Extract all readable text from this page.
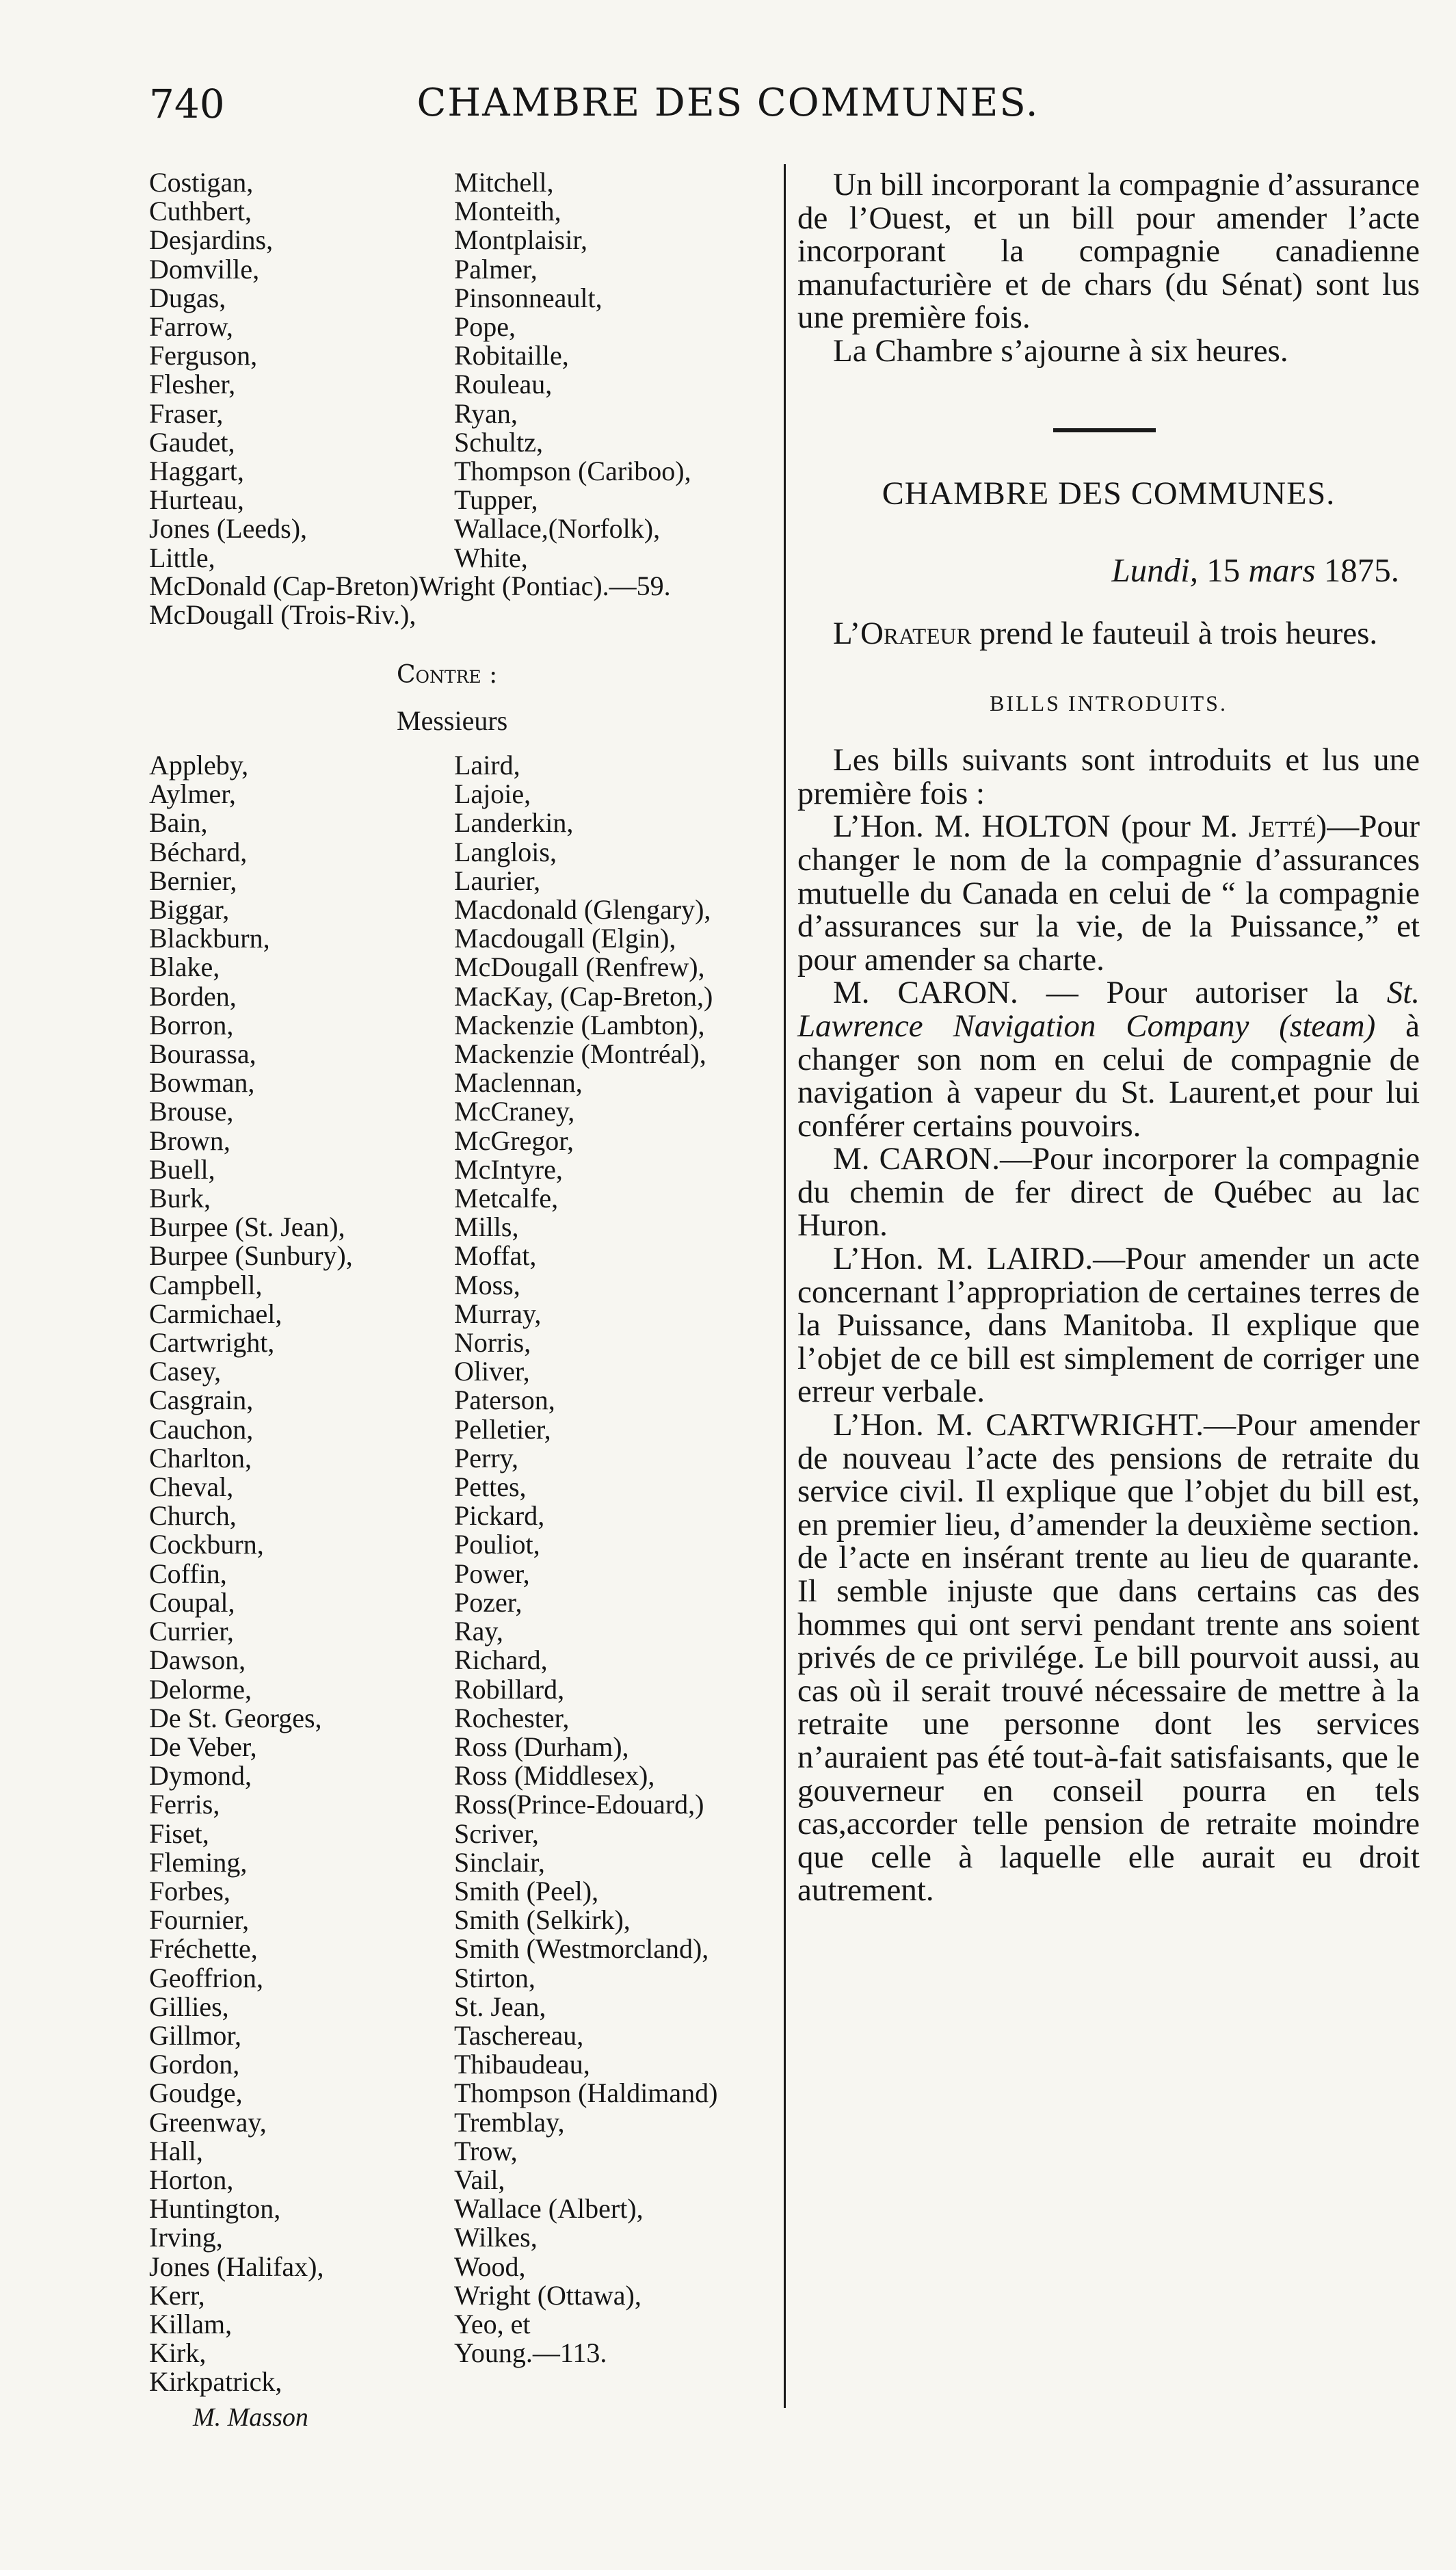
740	CHAMBRE DES COMMUNES.
Costigan,
Cuthbert,
Desjardins,
Domville,
Dugas,
Farrow,
Ferguson,
Flesher,
Fraser,
Gaudet,
Haggart,
Hurteau,
Jones (Leeds),
Little,
Mitchell,
Monteith,
Montplaisir,
Palmer,
Pinsonneault,
Pope,
Robitaille,
Rouleau,
Ryan,
Schultz,
Thompson (Cariboo),
Tupper,
Wallace,(Norfolk),
White,
McDonald (Cap-Breton)Wright (Pontiac).—59.
McDougall (Trois-Riv.),
Contre :
Messieurs
Appleby,
Aylmer,
Bain,
Béchard,
Bernier,
Biggar,
Blackburn,
Blake,
Borden,
Borron,
Bourassa,
Bowman,
Brouse,
Brown,
Buell,
Burk,
Burpee (St. Jean),
Burpee (Sunbury),
Campbell,
Carmichael,
Cartwright,
Casey,
Casgrain,
Cauchon,
Charlton,
Cheval,
Church,
Cockburn,
Coffin,
Coupal,
Currier,
Dawson,
Delorme,
De St. Georges,
De Veber,
Dymond,
Ferris,
Fiset,
Fleming,
Forbes,
Fournier,
Fréchette,
Geoffrion,
Gillies,
Gillmor,
Gordon,
Goudge,
Greenway,
Hall,
Horton,
Huntington,
Irving,
Jones (Halifax),
Kerr,
Killam,
Kirk,
Kirkpatrick,
Laird,
Lajoie,
Landerkin,
Langlois,
Laurier,
Macdonald (Glengary),
Macdougall (Elgin),
McDougall (Renfrew),
MacKay, (Cap-Breton,)
Mackenzie (Lambton),
Mackenzie (Montréal),
Maclennan,
McCraney,
McGregor,
McIntyre,
Metcalfe,
Mills,
Moffat,
Moss,
Murray,
Norris,
Oliver,
Paterson,
Pelletier,
Perry,
Pettes,
Pickard,
Pouliot,
Power,
Pozer,
Ray,
Richard,
Robillard,
Rochester,
Ross (Durham),
Ross (Middlesex),
Ross(Prince-Edouard,)
Scriver,
Sinclair,
Smith (Peel),
Smith (Selkirk),
Smith (Westmorcland),
Stirton,
St. Jean,
Taschereau,
Thibaudeau,
Thompson (Haldimand)
Tremblay,
Trow,
Vail,
Wallace (Albert),
Wilkes,
Wood,
Wright (Ottawa),
Yeo, et
Young.—113.
M. Masson

Un bill incorporant la compagnie d’assurance de l’Ouest, et un bill pour amender l’acte incorporant la compagnie canadienne manufacturière et de chars (du Sénat) sont lus une première fois.

La Chambre s’ajourne à six heures.

CHAMBRE DES COMMUNES.
Lundi, 15 mars 1875.

L’Orateur prend le fauteuil à trois heures.

BILLS INTRODUITS.

Les bills suivants sont introduits et lus une première fois :

L’Hon. M. HOLTON (pour M. Jetté)—Pour changer le nom de la compagnie d’assurances mutuelle du Canada en celui de “ la compagnie d’assurances sur la vie, de la Puissance,” et pour amender sa charte.

M. CARON. — Pour autoriser la St. Lawrence Navigation Company (steam) à changer son nom en celui de compagnie de navigation à vapeur du St. Laurent,et pour lui conférer certains pouvoirs.

M. CARON.—Pour incorporer la compagnie du chemin de fer direct de Québec au lac Huron.

L’Hon. M. LAIRD.—Pour amender un acte concernant l’appropriation de certaines terres de la Puissance, dans Manitoba. Il explique que l’objet de ce bill est simplement de corriger une erreur verbale.

L’Hon. M. CARTWRIGHT.—Pour amender de nouveau l’acte des pensions de retraite du service civil. Il explique que l’objet du bill est, en premier lieu, d’amender la deuxième section. de l’acte en insérant trente au lieu de quarante. Il semble injuste que dans certains cas des hommes qui ont servi pendant trente ans soient privés de ce privilége. Le bill pourvoit aussi, au cas où il serait trouvé nécessaire de mettre à la retraite une personne dont les services n’auraient pas été tout-à-fait satisfaisants, que le gouverneur en conseil pourra en tels cas,accorder telle pension de retraite moindre que celle à laquelle elle aurait eu droit autrement.
